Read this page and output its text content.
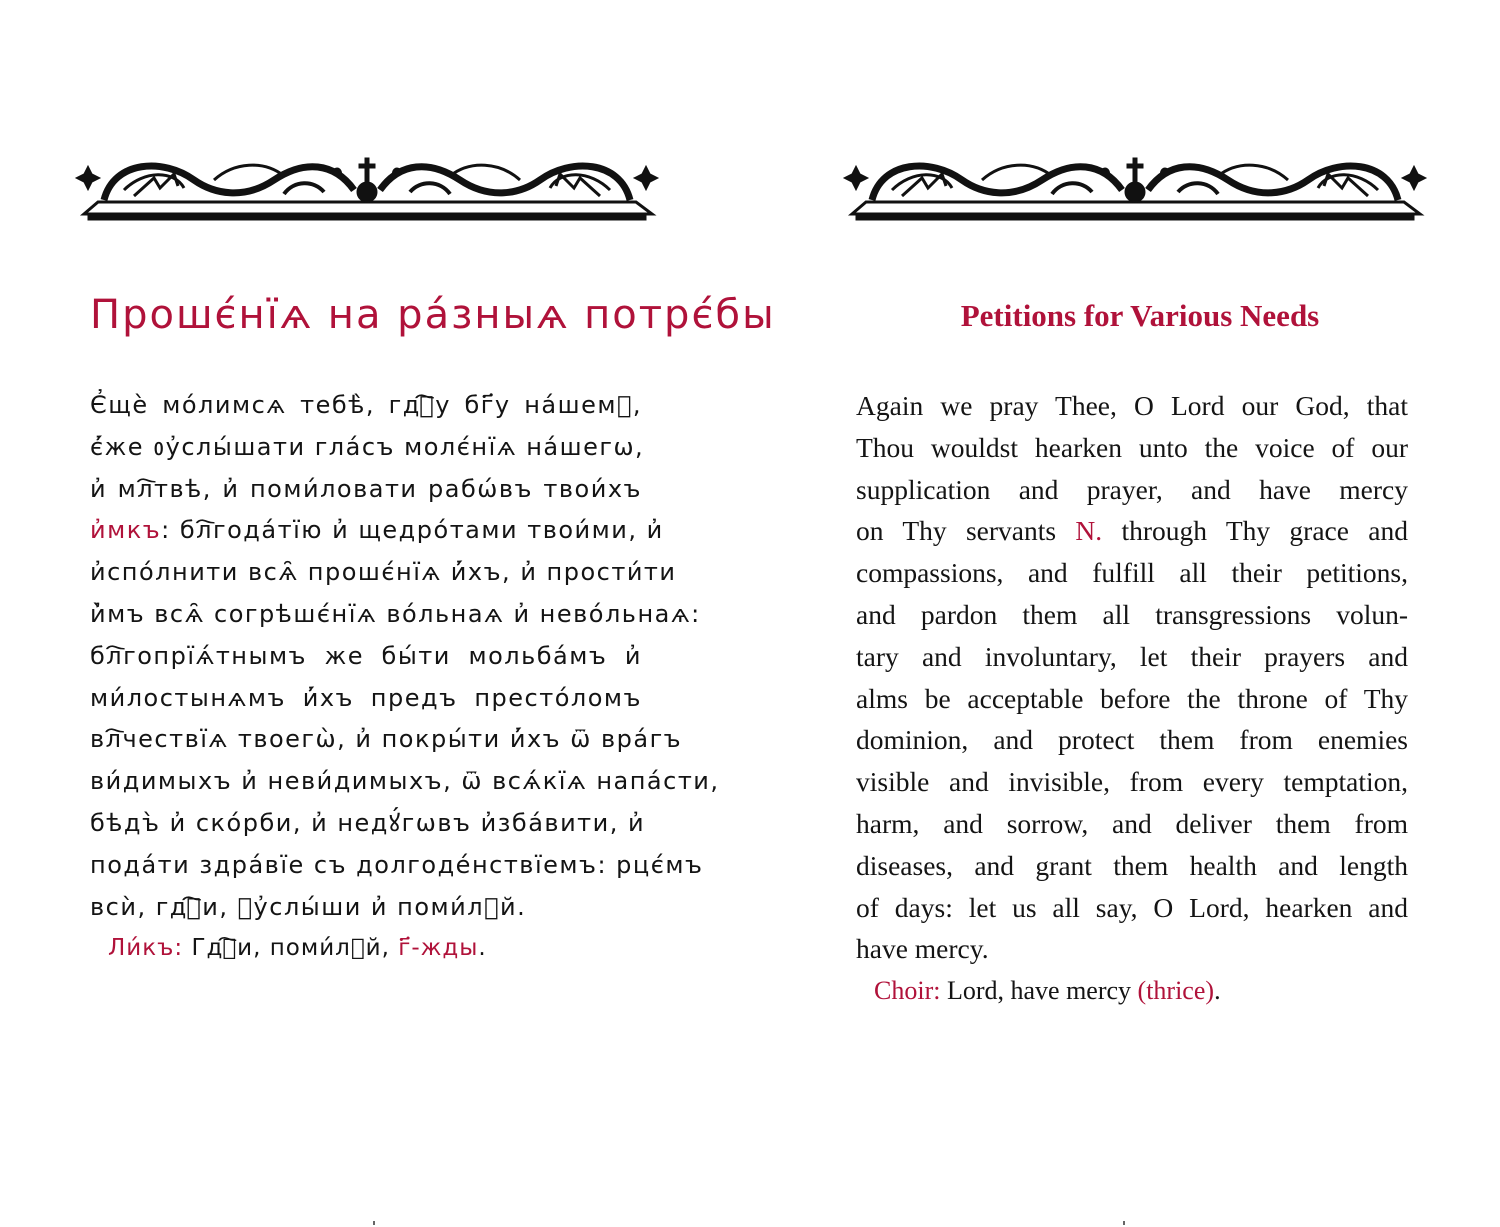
Прошє́нїѧ на ра́зныѧ потрє́бы
Є҆щѐ мо́лимсѧ тебѣ̀, гдⷭ҇у бг҃у на́шемꙋ,
є҆́же ᲂу҆слы́шати гла́съ молє́нїѧ на́шегѡ,
и҆ мл҇твѣ, и҆ поми́ловати рабѡ́въ твои́хъ
и҆мкъ: бл҇года́тїю и҆ щедро́тами твои́ми, и҆
и҆спо́лнити всѧ̑ прошє́нїѧ и҆́хъ, и҆ прости́ти
и҆̀мъ всѧ̑ согрѣшє́нїѧ во́льнаѧ и҆ нево́льнаѧ:
бл҇гопрїѧ́тнымъ же бы́ти мольба́мъ и҆
ми́лостынѧмъ и҆́хъ предъ престо́ломъ
вл҇чествїѧ твоегѡ̀, и҆ покры́ти и҆́хъ ѿ вра́гъ
ви́димыхъ и҆ неви́димыхъ, ѿ всѧ́кїѧ напа́сти,
бѣдъ̀ и҆ ско́рби, и҆ недꙋ́гѡвъ и҆зба́вити, и҆
пода́ти здра́вїе съ долгоде́нствїемъ: рцє́мъ
всѝ, гдⷭ҇и, ᲂу҆слы́ши и҆ поми́лꙋй.
Ли́къ: Гдⷭ҇и, поми́лꙋй, г҃-жды.
Petitions for Various Needs
Again we pray Thee, O Lord our God, that
Thou wouldst hearken unto the voice of our
supplication and prayer, and have mercy
on Thy servants N. through Thy grace and
compassions, and fulfill all their petitions,
and pardon them all transgressions volun-
tary and involuntary, let their prayers and
alms be acceptable before the throne of Thy
dominion, and protect them from enemies
visible and invisible, from every temptation,
harm, and sorrow, and deliver them from
diseases, and grant them health and length
of days: let us all say, O Lord, hearken and
have mercy.
Choir: Lord, have mercy (thrice).
